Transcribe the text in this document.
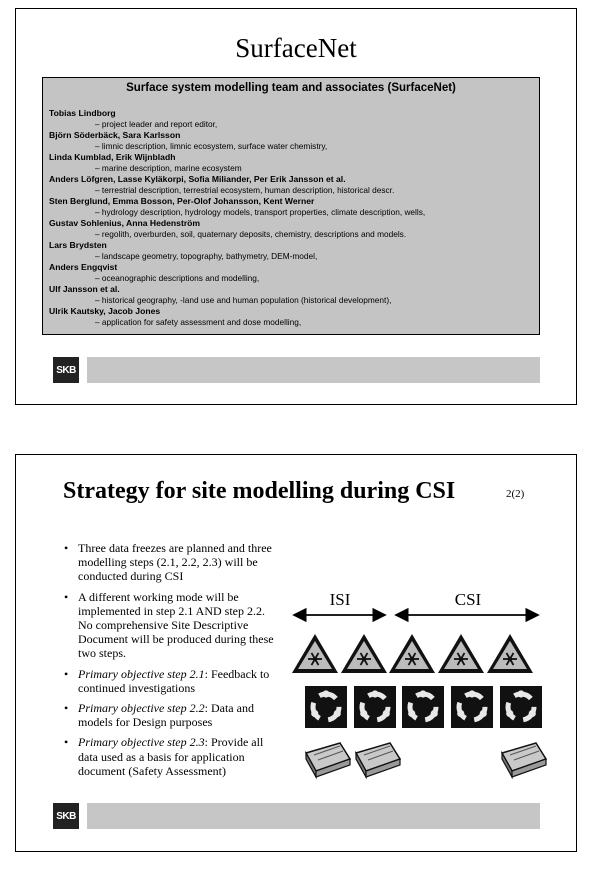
SurfaceNet
Surface system modelling team and associates (SurfaceNet)
Tobias Lindborg
– project leader and report editor,
Björn Söderbäck, Sara Karlsson
– limnic description, limnic ecosystem, surface water chemistry,
Linda Kumblad, Erik Wijnbladh
– marine description, marine ecosystem
Anders Löfgren, Lasse Kyläkorpi, Sofia Miliander, Per Erik Jansson et al.
– terrestrial description, terrestrial ecosystem, human description, historical descr.
Sten Berglund, Emma Bosson, Per-Olof Johansson, Kent Werner
– hydrology description, hydrology models, transport properties, climate description, wells,
Gustav Sohlenius, Anna Hedenström
– regolith, overburden, soil, quaternary deposits, chemistry, descriptions and models.
Lars Brydsten
– landscape geometry, topography, bathymetry, DEM-model,
Anders Engqvist
– oceanographic descriptions and modelling,
Ulf Jansson et al.
– historical geography, -land use and human population (historical development),
Ulrik Kautsky, Jacob Jones
– application for safety assessment and dose modelling,
SKB
Strategy for site modelling during CSI	2(2)
• Three data freezes are planned and three modelling steps (2.1, 2.2, 2.3) will be conducted during CSI
• A different working mode will be implemented in step 2.1 AND step 2.2. No comprehensive Site Descriptive Document will be produced during these two steps.
• Primary objective step 2.1: Feedback to continued investigations
• Primary objective step 2.2: Data and models for Design purposes
• Primary objective step 2.3: Provide all data used as a basis for application document (Safety Assessment)
ISI	CSI
SKB
